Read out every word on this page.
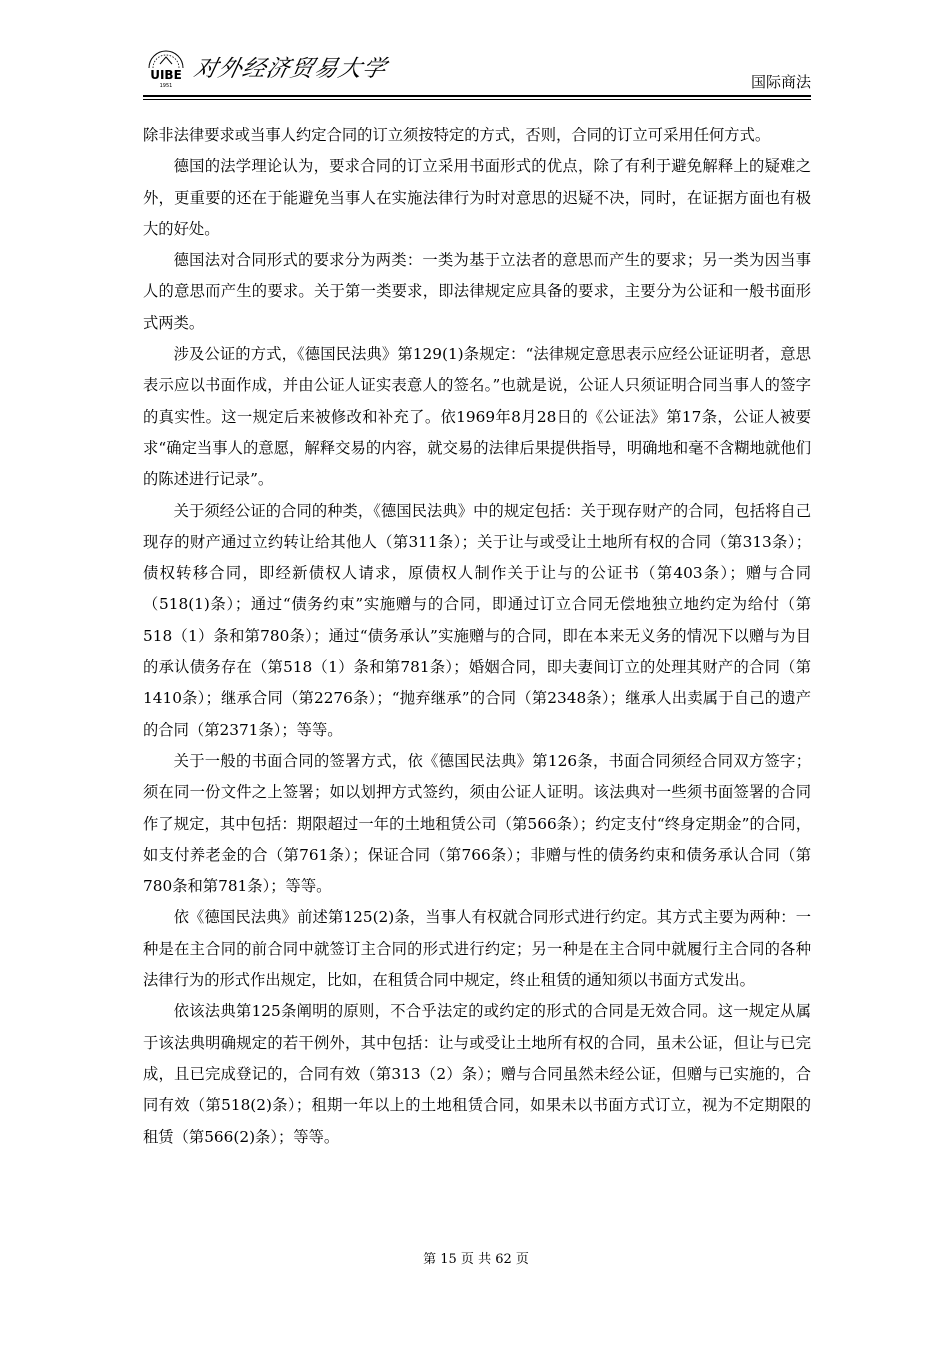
UIBE
1951
对外经济贸易大学	国际商法

除非法律要求或当事人约定合同的订立须按特定的方式，否则，合同的订立可采用任何方式。

德国的法学理论认为，要求合同的订立采用书面形式的优点，除了有利于避免解释上的疑难之外，更重要的还在于能避免当事人在实施法律行为时对意思的迟疑不决，同时，在证据方面也有极大的好处。

德国法对合同形式的要求分为两类：一类为基于立法者的意思而产生的要求；另一类为因当事人的意思而产生的要求。关于第一类要求，即法律规定应具备的要求，主要分为公证和一般书面形式两类。

涉及公证的方式，《德国民法典》第129(1)条规定：“法律规定意思表示应经公证证明者，意思表示应以书面作成，并由公证人证实表意人的签名。”也就是说，公证人只须证明合同当事人的签字的真实性。这一规定后来被修改和补充了。依1969年8月28日的《公证法》第17条，公证人被要求“确定当事人的意愿，解释交易的内容，就交易的法律后果提供指导，明确地和毫不含糊地就他们的陈述进行记录”。

关于须经公证的合同的种类，《德国民法典》中的规定包括：关于现存财产的合同，包括将自己现存的财产通过立约转让给其他人（第311条）；关于让与或受让土地所有权的合同（第313条）；债权转移合同，即经新债权人请求，原债权人制作关于让与的公证书（第403条）；赠与合同（518(1)条）；通过“债务约束”实施赠与的合同，即通过订立合同无偿地独立地约定为给付（第518（1）条和第780条）；通过“债务承认”实施赠与的合同，即在本来无义务的情况下以赠与为目的承认债务存在（第518（1）条和第781条）；婚姻合同，即夫妻间订立的处理其财产的合同（第1410条）；继承合同（第2276条）；“抛弃继承”的合同（第2348条）；继承人出卖属于自己的遗产的合同（第2371条）；等等。

关于一般的书面合同的签署方式，依《德国民法典》第126条，书面合同须经合同双方签字；须在同一份文件之上签署；如以划押方式签约，须由公证人证明。该法典对一些须书面签署的合同作了规定，其中包括：期限超过一年的土地租赁公司（第566条）；约定支付“终身定期金”的合同，如支付养老金的合（第761条）；保证合同（第766条）；非赠与性的债务约束和债务承认合同（第780条和第781条）；等等。

依《德国民法典》前述第125(2)条，当事人有权就合同形式进行约定。其方式主要为两种：一种是在主合同的前合同中就签订主合同的形式进行约定；另一种是在主合同中就履行主合同的各种法律行为的形式作出规定，比如，在租赁合同中规定，终止租赁的通知须以书面方式发出。

依该法典第125条阐明的原则，不合乎法定的或约定的形式的合同是无效合同。这一规定从属于该法典明确规定的若干例外，其中包括：让与或受让土地所有权的合同，虽未公证，但让与已完成，且已完成登记的，合同有效（第313（2）条）；赠与合同虽然未经公证，但赠与已实施的，合同有效（第518(2)条）；租期一年以上的土地租赁合同，如果未以书面方式订立，视为不定期限的租赁（第566(2)条）；等等。

第 15 页 共 62 页
